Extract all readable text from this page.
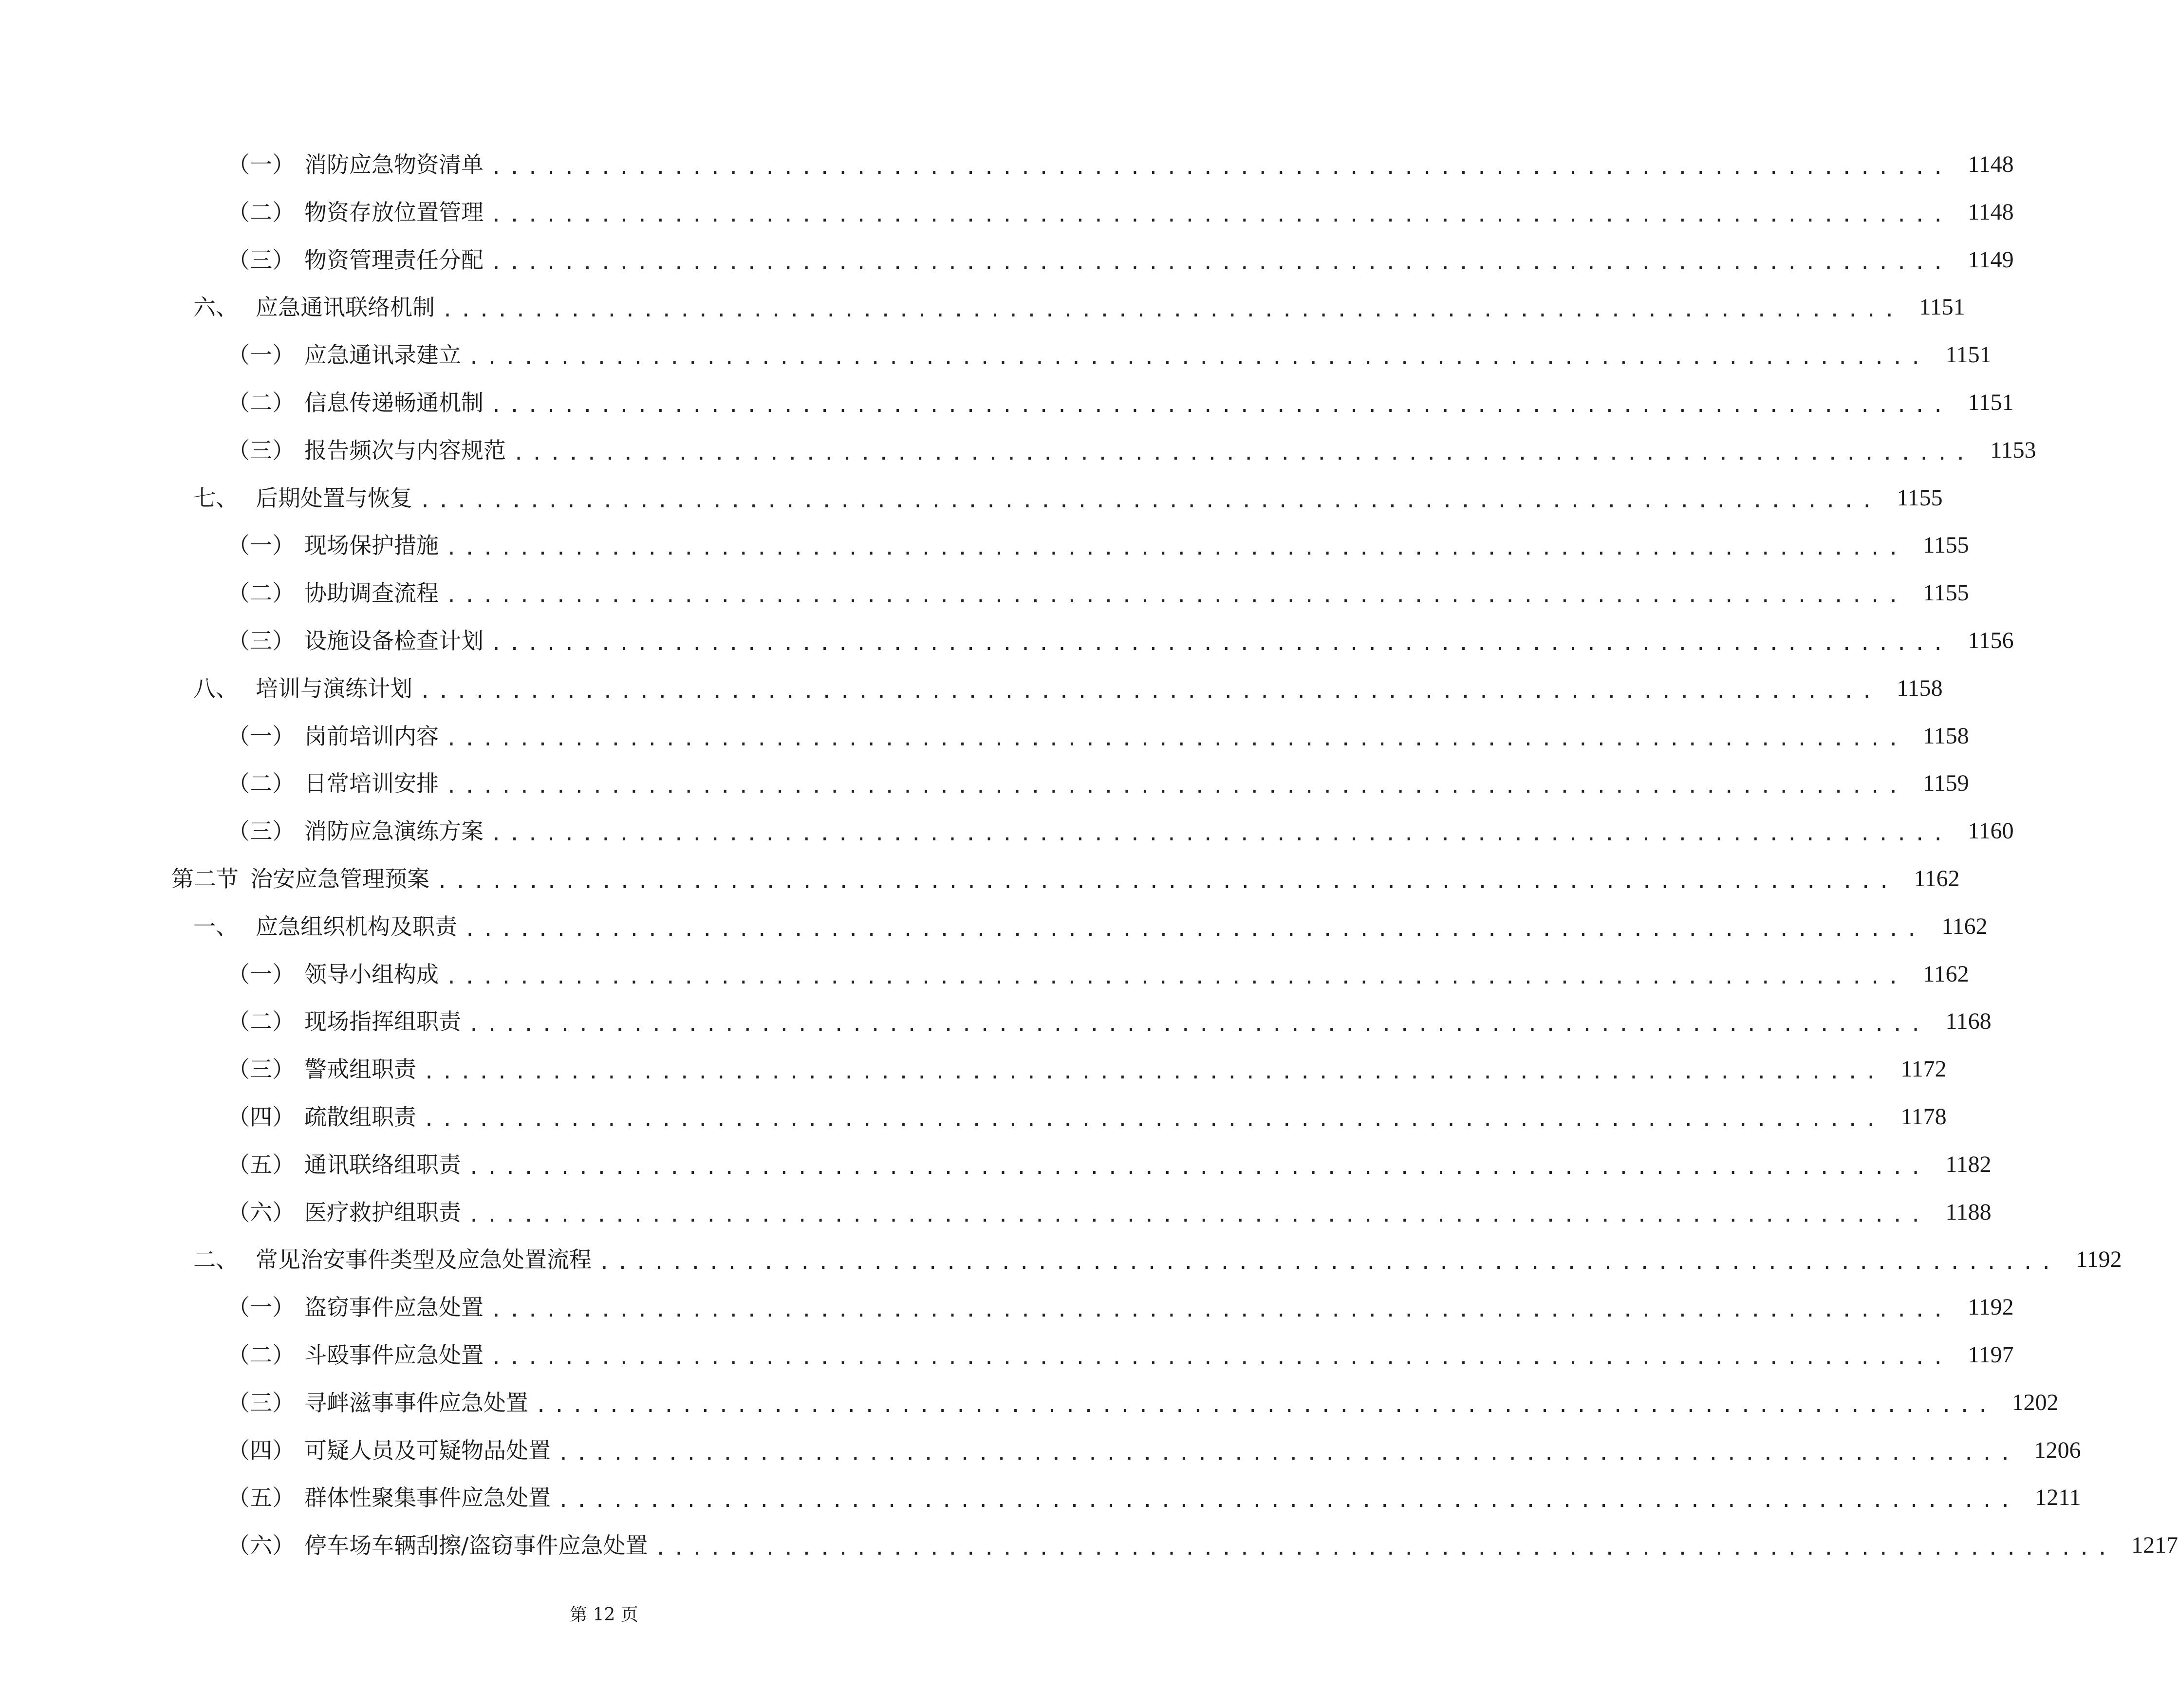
（一） 消防应急物资清单 ................................................................................ 1148
（二） 物资存放位置管理 ................................................................................ 1148
（三） 物资管理责任分配 ................................................................................ 1149
六、 应急通讯联络机制 ................................................................................ 1151
（一） 应急通讯录建立 ................................................................................ 1151
（二） 信息传递畅通机制 ................................................................................ 1151
（三） 报告频次与内容规范 ................................................................................ 1153
七、 后期处置与恢复 ................................................................................ 1155
（一） 现场保护措施 ................................................................................ 1155
（二） 协助调查流程 ................................................................................ 1155
（三） 设施设备检查计划 ................................................................................ 1156
八、 培训与演练计划 ................................................................................ 1158
（一） 岗前培训内容 ................................................................................ 1158
（二） 日常培训安排 ................................................................................ 1159
（三） 消防应急演练方案 ................................................................................ 1160
第二节 治安应急管理预案 ................................................................................ 1162
一、 应急组织机构及职责 ................................................................................ 1162
（一） 领导小组构成 ................................................................................ 1162
（二） 现场指挥组职责 ................................................................................ 1168
（三） 警戒组职责 ................................................................................ 1172
（四） 疏散组职责 ................................................................................ 1178
（五） 通讯联络组职责 ................................................................................ 1182
（六） 医疗救护组职责 ................................................................................ 1188
二、 常见治安事件类型及应急处置流程 ................................................................................ 1192
（一） 盗窃事件应急处置 ................................................................................ 1192
（二） 斗殴事件应急处置 ................................................................................ 1197
（三） 寻衅滋事事件应急处置 ................................................................................ 1202
（四） 可疑人员及可疑物品处置 ................................................................................ 1206
（五） 群体性聚集事件应急处置 ................................................................................ 1211
（六） 停车场车辆刮擦/盗窃事件应急处置 ................................................................................ 1217
第 12 页
